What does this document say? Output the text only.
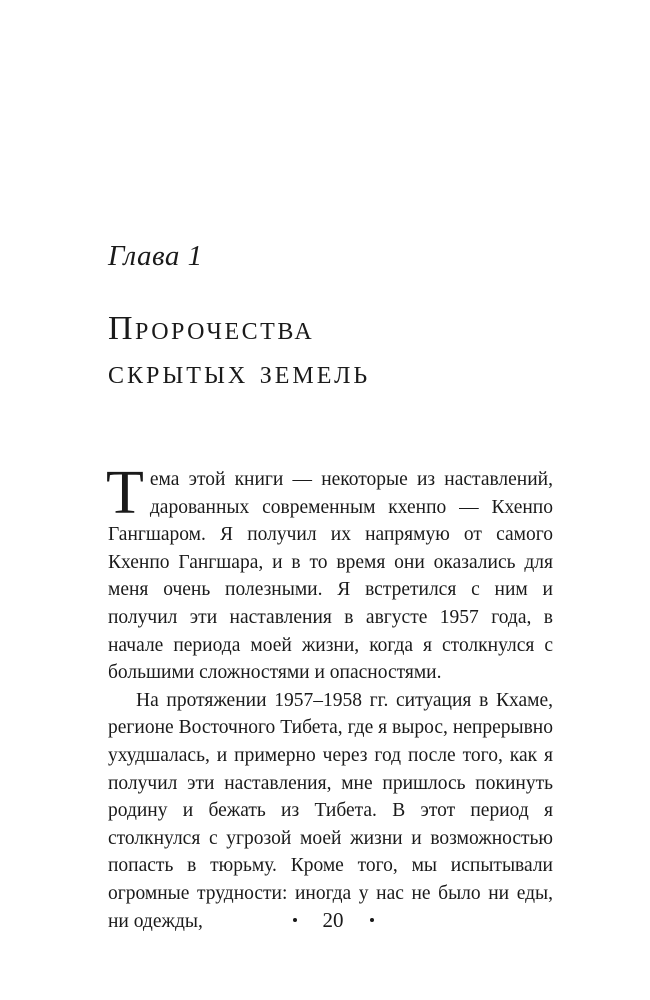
Глава 1
Пророчества
скрытых земель

Тема этой книги — некоторые из наставлений, дарованных современным кхенпо — Кхенпо Гангшаром. Я получил их напрямую от самого Кхенпо Гангшара, и в то время они оказались для меня очень полезными. Я встретился с ним и получил эти наставления в августе 1957 года, в начале периода моей жизни, когда я столкнулся с большими сложностями и опасностями.

На протяжении 1957–1958 гг. ситуация в Кхаме, регионе Восточного Тибета, где я вырос, непрерывно ухудшалась, и примерно через год после того, как я получил эти наставления, мне пришлось покинуть родину и бежать из Тибета. В этот период я столкнулся с угрозой моей жизни и возможностью попасть в тюрьму. Кроме того, мы испытывали огромные трудности: иногда у нас не было ни еды, ни одежды,	20
